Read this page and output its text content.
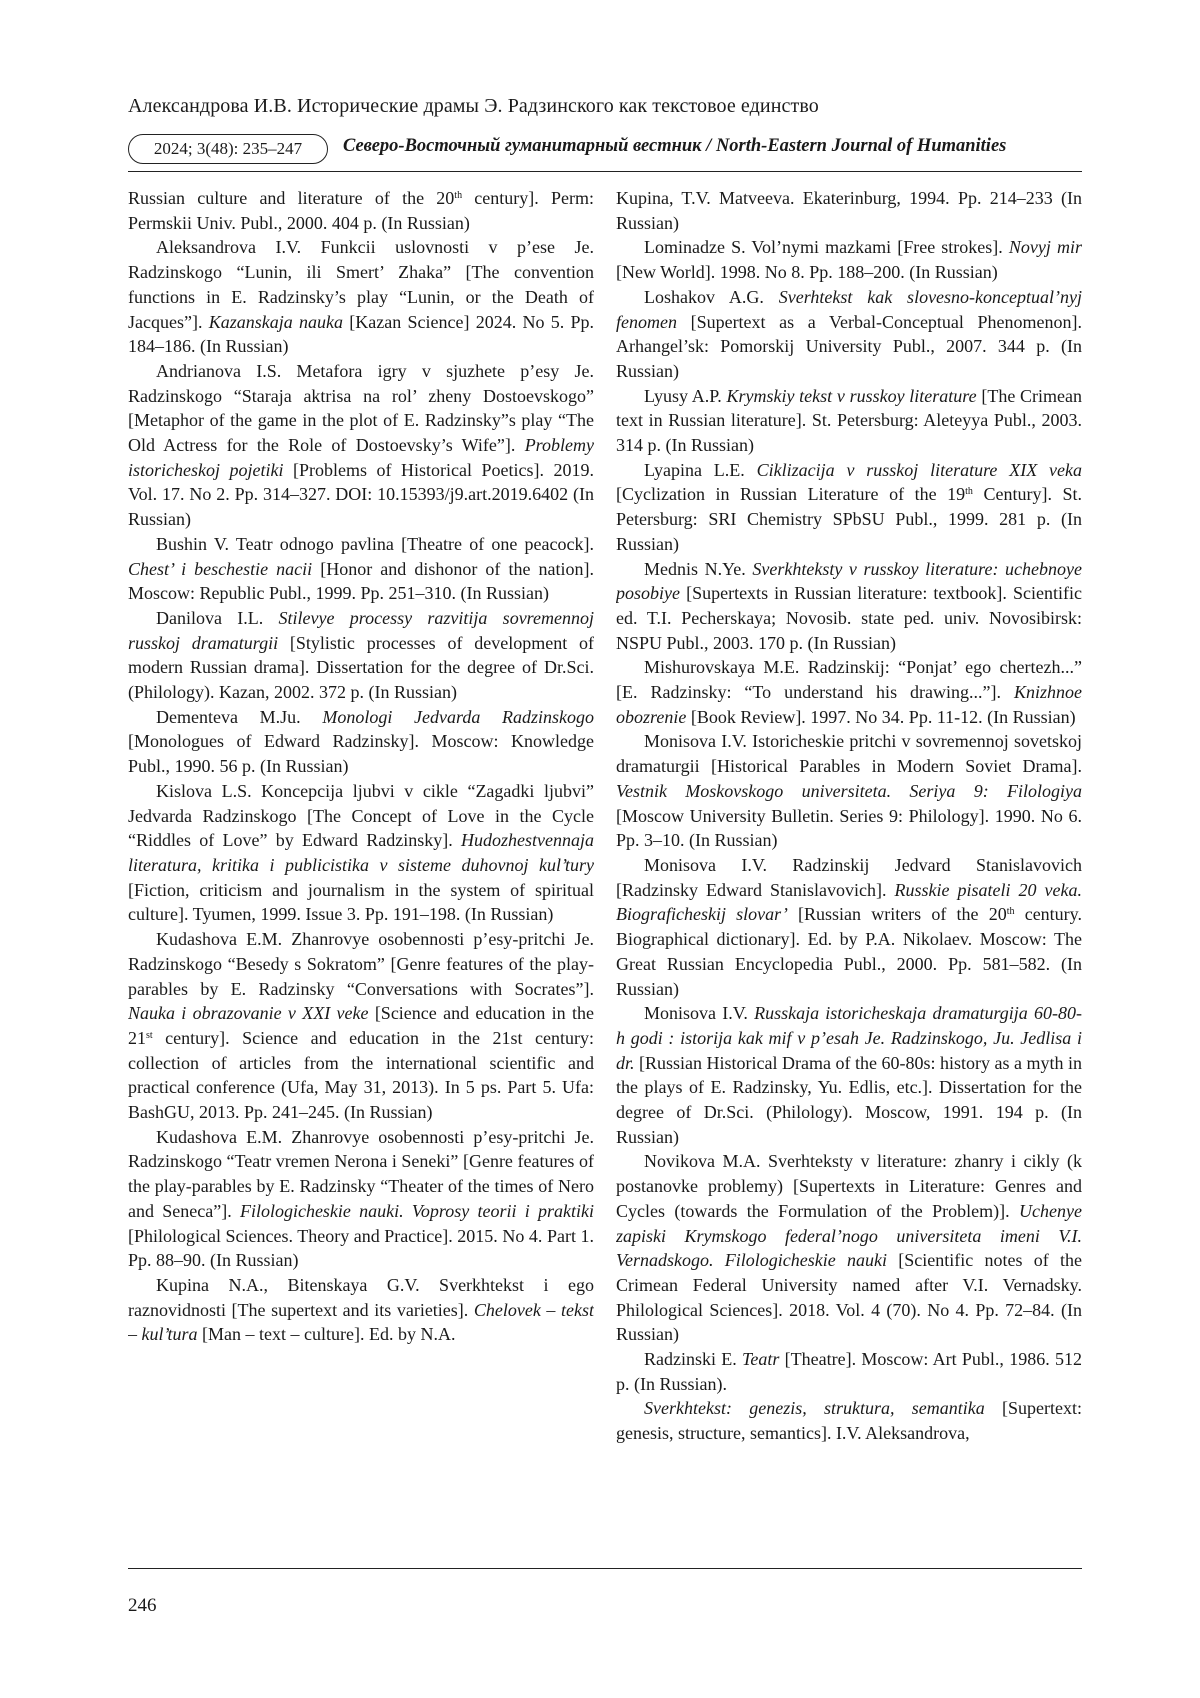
Александрова И.В. Исторические драмы Э. Радзинского как текстовое единство
2024; 3(48): 235–247	Северо-Восточный гуманитарный вестник / North-Eastern Journal of Humanities

Russian culture and literature of the 20th century]. Perm: Permskii Univ. Publ., 2000. 404 p. (In Russian)

Aleksandrova I.V. Funkcii uslovnosti v p’ese Je. Radzinskogo “Lunin, ili Smert’ Zhaka” [The convention functions in E. Radzinsky’s play “Lunin, or the Death of Jacques”]. Kazanskaja nauka [Kazan Science] 2024. No 5. Pp. 184–186. (In Russian)

Andrianova I.S. Metafora igry v sjuzhete p’esy Je. Radzinskogo “Staraja aktrisa na rol’ zheny Dostoevskogo” [Metaphor of the game in the plot of E. Radzinsky”s play “The Old Actress for the Role of Dostoevsky’s Wife”]. Problemy istoricheskoj pojetiki [Problems of Historical Poetics]. 2019. Vol. 17. No 2. Pp. 314–327. DOI: 10.15393/j9.art.2019.6402 (In Russian)

Bushin V. Teatr odnogo pavlina [Theatre of one peacock]. Chest’ i beschestie nacii [Honor and dishonor of the nation]. Moscow: Republic Publ., 1999. Pp. 251–310. (In Russian)

Danilova I.L. Stilevye processy razvitija sovremennoj russkoj dramaturgii [Stylistic processes of development of modern Russian drama]. Dissertation for the degree of Dr.Sci. (Philology). Kazan, 2002. 372 p. (In Russian)

Dementeva M.Ju. Monologi Jedvarda Radzinskogo [Monologues of Edward Radzinsky]. Moscow: Knowledge Publ., 1990. 56 p. (In Russian)

Kislova L.S. Koncepcija ljubvi v cikle “Zagadki ljubvi” Jedvarda Radzinskogo [The Concept of Love in the Cycle “Riddles of Love” by Edward Radzinsky]. Hudozhestvennaja literatura, kritika i publicistika v sisteme duhovnoj kul’tury [Fiction, criticism and journalism in the system of spiritual culture]. Tyumen, 1999. Issue 3. Pp. 191–198. (In Russian)

Kudashova E.M. Zhanrovye osobennosti p’esy-pritchi Je. Radzinskogo “Besedy s Sokratom” [Genre features of the play-parables by E. Radzinsky “Conversations with Socrates”]. Nauka i obrazovanie v XXI veke [Science and education in the 21st century]. Science and education in the 21st century: collection of articles from the international scientific and practical conference (Ufa, May 31, 2013). In 5 ps. Part 5. Ufa: BashGU, 2013. Pp. 241–245. (In Russian)

Kudashova E.M. Zhanrovye osobennosti p’esy-pritchi Je. Radzinskogo “Teatr vremen Nerona i Seneki” [Genre features of the play-parables by E. Radzinsky “Theater of the times of Nero and Seneca”]. Filologicheskie nauki. Voprosy teorii i praktiki [Philological Sciences. Theory and Practice]. 2015. No 4. Part 1. Pp. 88–90. (In Russian)

Kupina N.A., Bitenskaya G.V. Sverkhtekst i ego raznovidnosti [The supertext and its varieties]. Chelovek – tekst – kul’tura [Man – text – culture]. Ed. by N.A.

Kupina, T.V. Matveeva. Ekaterinburg, 1994. Pp. 214–233 (In Russian)

Lominadze S. Vol’nymi mazkami [Free strokes]. Novyj mir [New World]. 1998. No 8. Pp. 188–200. (In Russian)

Loshakov A.G. Sverhtekst kak slovesno-konceptual’nyj fenomen [Supertext as a Verbal-Conceptual Phenomenon]. Arhangel’sk: Pomorskij University Publ., 2007. 344 p. (In Russian)

Lyusy A.P. Krymskiy tekst v russkoy literature [The Crimean text in Russian literature]. St. Petersburg: Aleteyya Publ., 2003. 314 p. (In Russian)

Lyapina L.E. Ciklizacija v russkoj literature XIX veka [Cyclization in Russian Literature of the 19th Century]. St. Petersburg: SRI Chemistry SPbSU Publ., 1999. 281 p. (In Russian)

Mednis N.Ye. Sverkhteksty v russkoy literature: uchebnoye posobiye [Supertexts in Russian literature: textbook]. Scientific ed. T.I. Pecherskaya; Novosib. state ped. univ. Novosibirsk: NSPU Publ., 2003. 170 p. (In Russian)

Mishurovskaya M.E. Radzinskij: “Ponjat’ ego chertezh...” [E. Radzinsky: “To understand his drawing...”]. Knizhnoe obozrenie [Book Review]. 1997. No 34. Pp. 11-12. (In Russian)

Monisova I.V. Istoricheskie pritchi v sovremennoj sovetskoj dramaturgii [Historical Parables in Modern Soviet Drama]. Vestnik Moskovskogo universiteta. Seriya 9: Filologiya [Moscow University Bulletin. Series 9: Philology]. 1990. No 6. Pp. 3–10. (In Russian)

Monisova I.V. Radzinskij Jedvard Stanislavovich [Radzinsky Edward Stanislavovich]. Russkie pisateli 20 veka. Biograficheskij slovar’ [Russian writers of the 20th century. Biographical dictionary]. Ed. by P.A. Nikolaev. Moscow: The Great Russian Encyclopedia Publ., 2000. Pp. 581–582. (In Russian)

Monisova I.V. Russkaja istoricheskaja dramaturgija 60-80-h godi : istorija kak mif v p’esah Je. Radzinskogo, Ju. Jedlisa i dr. [Russian Historical Drama of the 60-80s: history as a myth in the plays of E. Radzinsky, Yu. Edlis, etc.]. Dissertation for the degree of Dr.Sci. (Philology). Moscow, 1991. 194 p. (In Russian)

Novikova M.A. Sverhteksty v literature: zhanry i cikly (k postanovke problemy) [Supertexts in Literature: Genres and Cycles (towards the Formulation of the Problem)]. Uchenye zapiski Krymskogo federal’nogo universiteta imeni V.I. Vernadskogo. Filologicheskie nauki [Scientific notes of the Crimean Federal University named after V.I. Vernadsky. Philological Sciences]. 2018. Vol. 4 (70). No 4. Pp. 72–84. (In Russian)

Radzinski E. Teatr [Theatre]. Moscow: Art Publ., 1986. 512 p. (In Russian).

Sverkhtekst: genezis, struktura, semantika [Supertext: genesis, structure, semantics]. I.V. Aleksandrova,

246
